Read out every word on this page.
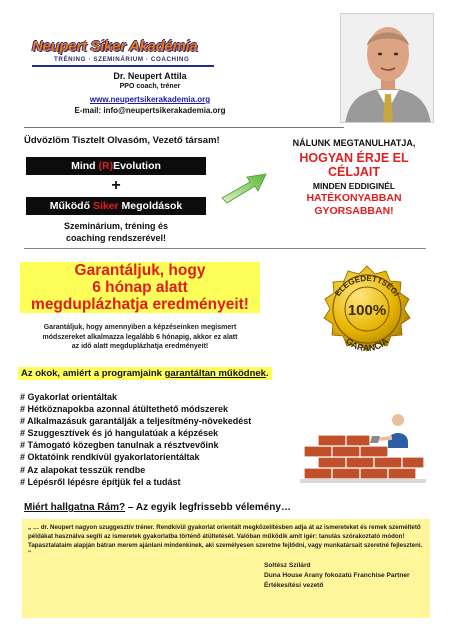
Neupert Siker Akadémia
TRÉNING · SZEMINÁRIUM · COACHING
Dr. Neupert Attila
PPO coach, tréner
www.neupertsikerakademia.org
E-mail: info@neupertsikerakademia.org
Üdvözlöm Tisztelt Olvasóm, Vezető társam!
Mind (R)Evolution
+
Működő Siker Megoldások
Szeminárium, tréning és
coaching rendszerével!
NÁLUNK MEGTANULHATJA,
HOGYAN ÉRJE EL
CÉLJAIT
MINDEN EDDIGINÉL
HATÉKONYABBAN
GYORSABBAN!
Garantáljuk, hogy
6 hónap alatt
megduplázhatja eredményeit!
Garantáljuk, hogy amennyiben a képzéseinken megismert
módszereket alkalmazza legalább 6 hónapig, akkor ez alatt
az idő alatt megduplázhatja eredményeit!
ELÉGEDETTSÉGI
100%
GARANCIA
Az okok, amiért a programjaink garantáltan működnek.
# Gyakorlat orientáltak
# Hétköznapokba azonnal átültethető módszerek
# Alkalmazásuk garantálják a teljesítmény-növekedést
# Szuggesztívek és jó hangulatúak a képzések
# Támogató közegben tanulnak a résztvevőink
# Oktatóink rendkívül gyakorlatorientáltak
# Az alapokat tesszük rendbe
# Lépésről lépésre építjük fel a tudást
Miért hallgatna Rám? – Az egyik legfrissebb vélemény…
„ … dr. Neupert nagyon szuggesztív tréner. Rendkívül gyakorlat orientált megközelítésben adja át az ismereteket és remek személtető példákat használva segíti az ismeretek gyakorlatba történő átültetését. Valóban működik amit igér: tanulás szórakoztató módon! Tapasztalataim alapján bátran merem ajánlani mindenkinek, aki személyesen szeretne fejlődni, vagy munkatársait szeretné fejleszteni. "
Soltész Szilárd
Duna House Arany fokozatú Franchise Partner
Értékesítési vezető
